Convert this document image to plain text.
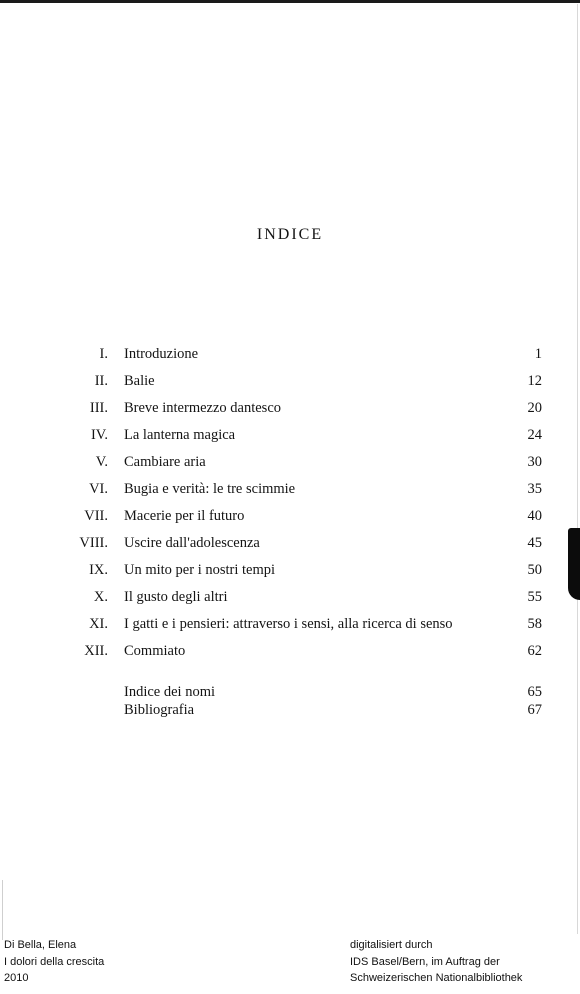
INDICE
I. Introduzione	1
II. Balie	12
III. Breve intermezzo dantesco	20
IV. La lanterna magica	24
V. Cambiare aria	30
VI. Bugia e verità: le tre scimmie	35
VII. Macerie per il futuro	40
VIII. Uscire dall'adolescenza	45
IX. Un mito per i nostri tempi	50
X. Il gusto degli altri	55
XI. I gatti e i pensieri: attraverso i sensi, alla ricerca di senso	58
XII. Commiato	62
Indice dei nomi	65
Bibliografia	67
Di Bella, Elena
I dolori della crescita
2010
digitalisiert durch
IDS Basel/Bern, im Auftrag der
Schweizerischen Nationalbibliothek
